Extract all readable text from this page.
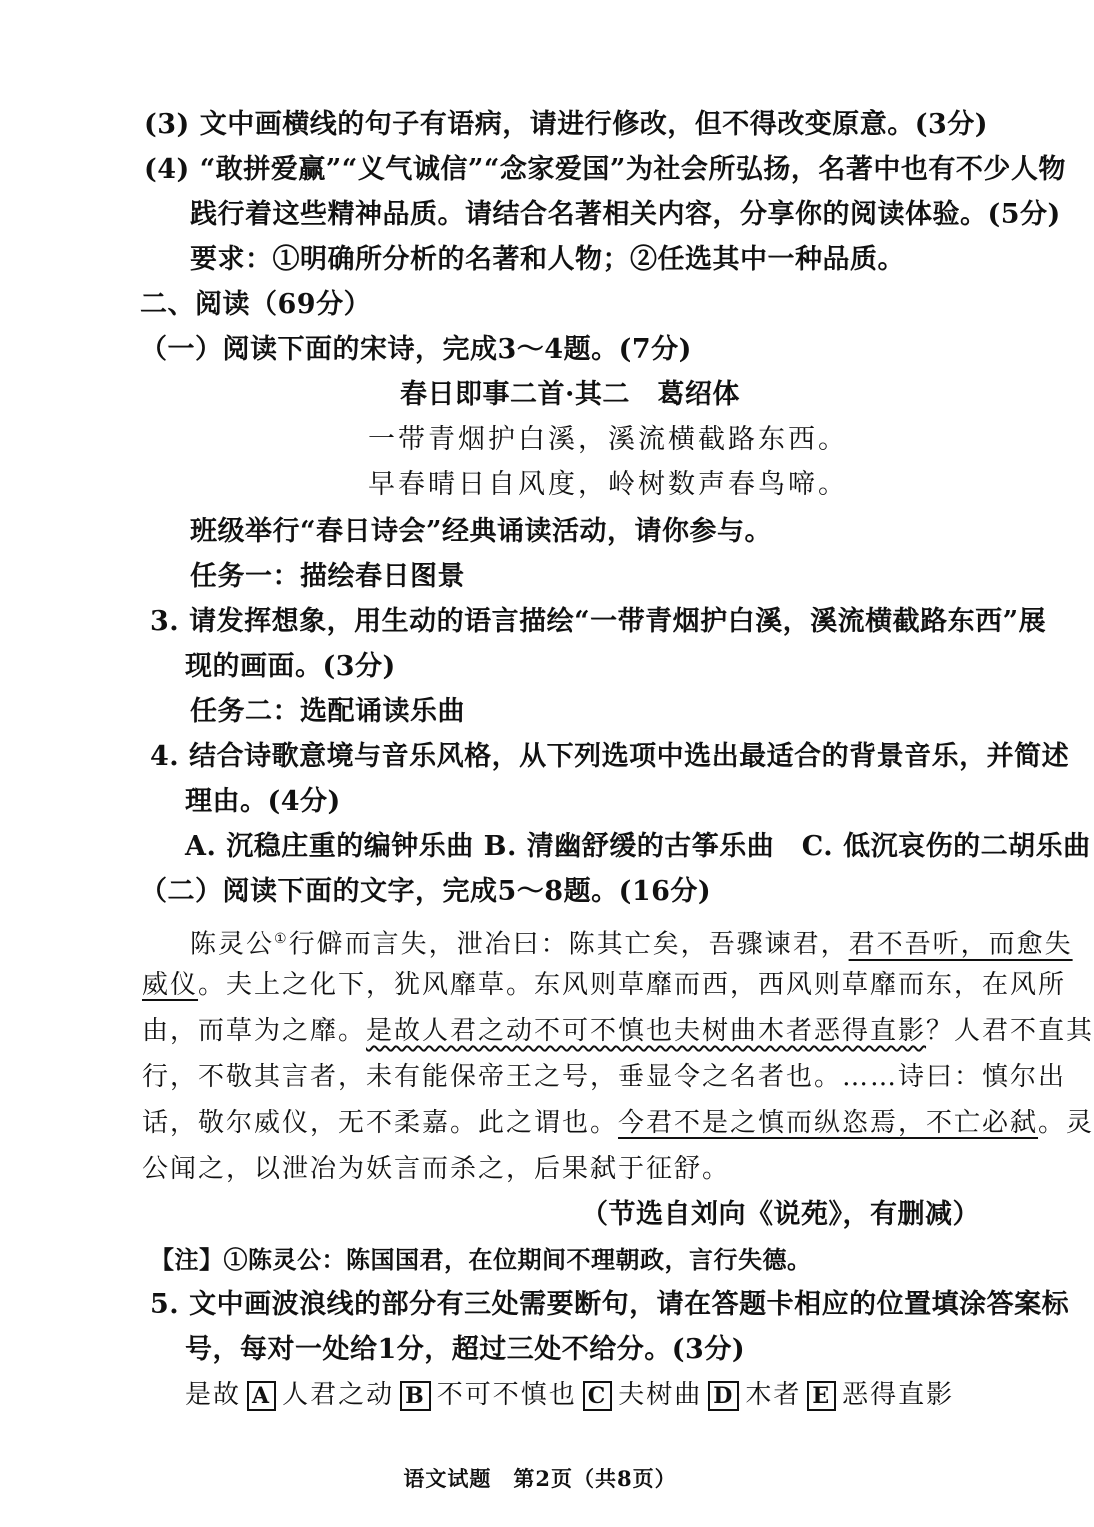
(3) 文中画横线的句子有语病，请进行修改，但不得改变原意。(3分)
(4) “敢拼爱赢”“义气诚信”“念家爱国”为社会所弘扬，名著中也有不少人物
践行着这些精神品质。请结合名著相关内容，分享你的阅读体验。(5分)
要求：①明确所分析的名著和人物；②任选其中一种品质。
二、阅读（69分）
（一）阅读下面的宋诗，完成3～4题。(7分)
春日即事二首·其二　葛绍体
一带青烟护白溪，溪流横截路东西。
早春晴日自风度，岭树数声春鸟啼。
班级举行“春日诗会”经典诵读活动，请你参与。
任务一：描绘春日图景
3. 请发挥想象，用生动的语言描绘“一带青烟护白溪，溪流横截路东西”展
现的画面。(3分)
任务二：选配诵读乐曲
4. 结合诗歌意境与音乐风格，从下列选项中选出最适合的背景音乐，并简述
理由。(4分)
A. 沉稳庄重的编钟乐曲 B. 清幽舒缓的古筝乐曲　C. 低沉哀伤的二胡乐曲
（二）阅读下面的文字，完成5～8题。(16分)
陈灵公①行僻而言失，泄冶曰：陈其亡矣，吾骤谏君，君不吾听，而愈失
威仪。夫上之化下，犹风靡草。东风则草靡而西，西风则草靡而东，在风所
由，而草为之靡。是故人君之动不可不慎也夫树曲木者恶得直影？人君不直其
行，不敬其言者，未有能保帝王之号，垂显令之名者也。……诗曰：慎尔出
话，敬尔威仪，无不柔嘉。此之谓也。今君不是之慎而纵恣焉，不亡必弑。灵
公闻之，以泄冶为妖言而杀之，后果弑于征舒。
（节选自刘向《说苑》，有删减）
【注】①陈灵公：陈国国君，在位期间不理朝政，言行失德。
5. 文中画波浪线的部分有三处需要断句，请在答题卡相应的位置填涂答案标
号，每对一处给1分，超过三处不给分。(3分)
是故 A 人君之动 B 不可不慎也 C 夫树曲 D 木者 E 恶得直影
语文试题　第2页（共8页）
